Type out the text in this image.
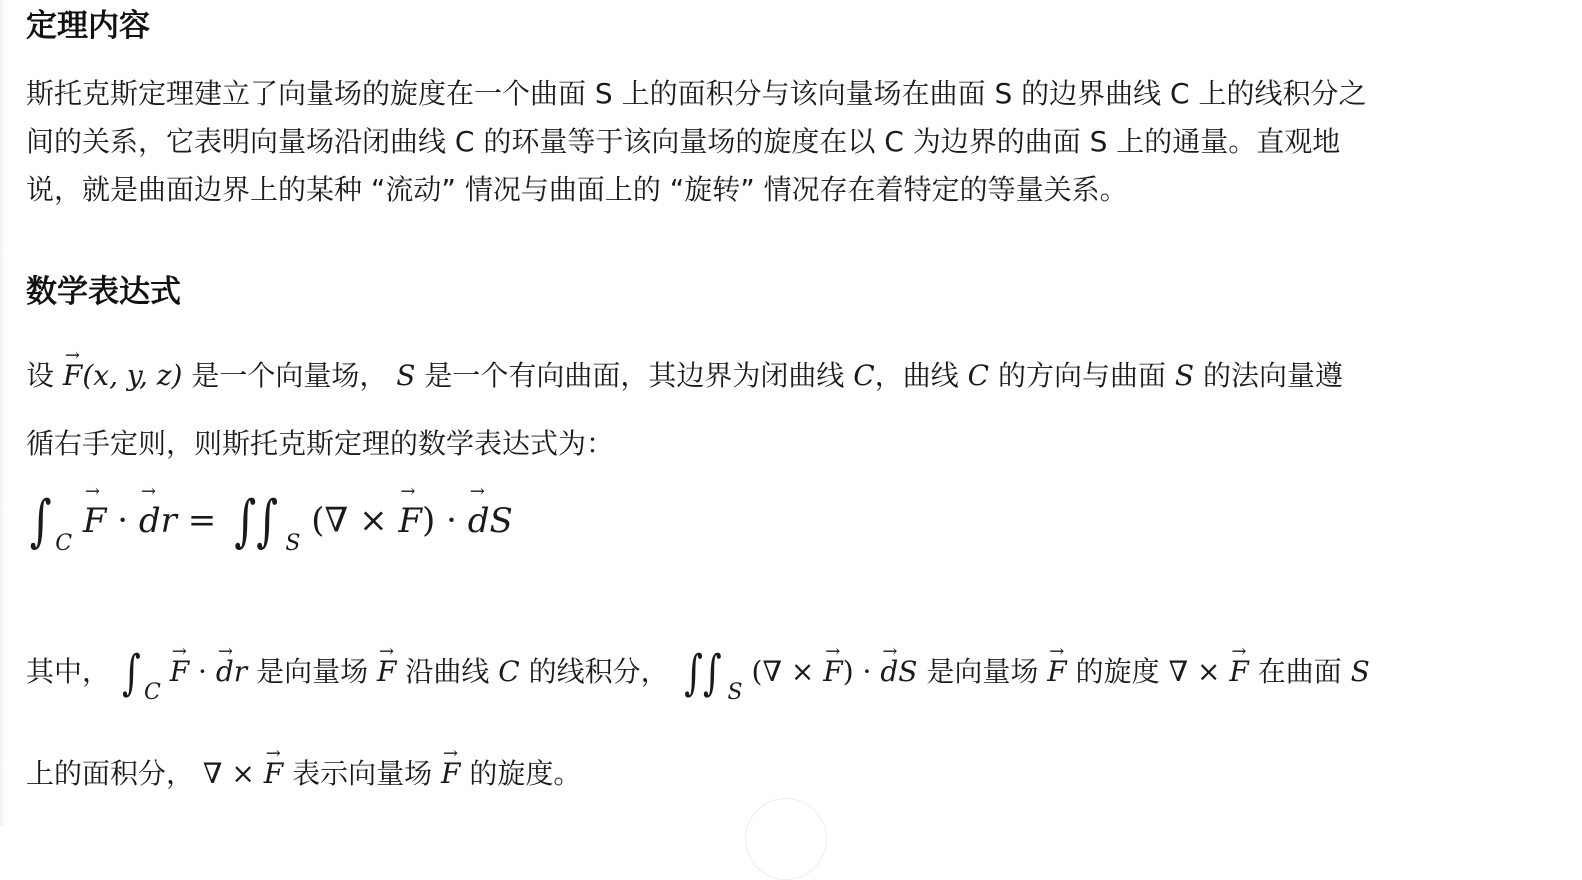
定理内容
斯托克斯定理建立了向量场的旋度在一个曲面 S 上的面积分与该向量场在曲面 S 的边界曲线 C 上的线积分之
间的关系，它表明向量场沿闭曲线 C 的环量等于该向量场的旋度在以 C 为边界的曲面 S 上的通量。直观地
说，就是曲面边界上的某种 “流动” 情况与曲面上的 “旋转” 情况存在着特定的等量关系。
数学表达式
设 → F(x, y, z) 是一个向量场， S 是一个有向曲面，其边界为闭曲线 C，曲线 C 的方向与曲面 S 的法向量遵
循右手定则，则斯托克斯定理的数学表达式为：
∫ $_C$ → F · → dr = ∫∫ $_S$ (∇ × → F) · → dS
其中， ∫ $_C$ → F · → dr 是向量场 → F 沿曲线 C 的线积分， ∫∫ $_S$ (∇ × → F) · → dS 是向量场 → F 的旋度 ∇ × → F 在曲面 S
上的面积分， ∇ × → F 表示向量场 → F 的旋度。
